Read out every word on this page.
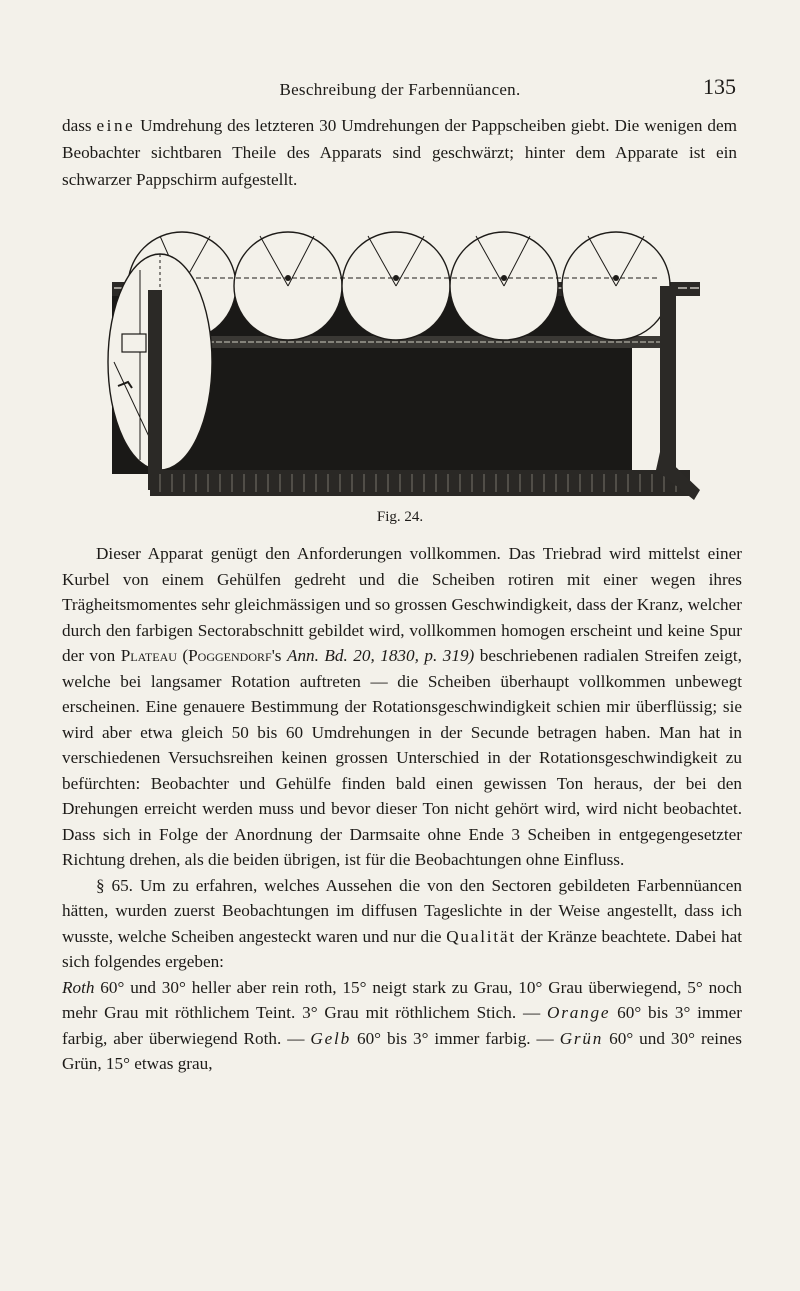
Beschreibung der Farbennüancen.	135
dass eine Umdrehung des letzteren 30 Umdrehungen der Pappscheiben giebt. Die wenigen dem Beobachter sichtbaren Theile des Apparats sind geschwärzt; hinter dem Apparate ist ein schwarzer Pappschirm aufgestellt.
Fig. 24.

Dieser Apparat genügt den Anforderungen vollkommen. Das Triebrad wird mittelst einer Kurbel von einem Gehülfen gedreht und die Scheiben rotiren mit einer wegen ihres Trägheitsmomentes sehr gleichmässigen und so grossen Geschwindigkeit, dass der Kranz, welcher durch den farbigen Sectorabschnitt gebildet wird, vollkommen homogen erscheint und keine Spur der von Plateau (Poggendorf's Ann. Bd. 20, 1830, p. 319) beschriebenen radialen Streifen zeigt, welche bei langsamer Rotation auftreten — die Scheiben überhaupt vollkommen unbewegt erscheinen. Eine genauere Bestimmung der Rotationsgeschwindigkeit schien mir überflüssig; sie wird aber etwa gleich 50 bis 60 Umdrehungen in der Secunde betragen haben. Man hat in verschiedenen Versuchsreihen keinen grossen Unterschied in der Rotationsgeschwindigkeit zu befürchten: Beobachter und Gehülfe finden bald einen gewissen Ton heraus, der bei den Drehungen erreicht werden muss und bevor dieser Ton nicht gehört wird, wird nicht beobachtet. Dass sich in Folge der Anordnung der Darmsaite ohne Ende 3 Scheiben in entgegengesetzter Richtung drehen, als die beiden übrigen, ist für die Beobachtungen ohne Einfluss.

§ 65. Um zu erfahren, welches Aussehen die von den Sectoren gebildeten Farbennüancen hätten, wurden zuerst Beobachtungen im diffusen Tageslichte in der Weise angestellt, dass ich wusste, welche Scheiben angesteckt waren und nur die Qualität der Kränze beachtete. Dabei hat sich folgendes ergeben:
Roth 60° und 30° heller aber rein roth, 15° neigt stark zu Grau, 10° Grau überwiegend, 5° noch mehr Grau mit röthlichem Teint. 3° Grau mit röthlichem Stich. — Orange 60° bis 3° immer farbig, aber überwiegend Roth. — Gelb 60° bis 3° immer farbig. — Grün 60° und 30° reines Grün, 15° etwas grau,
